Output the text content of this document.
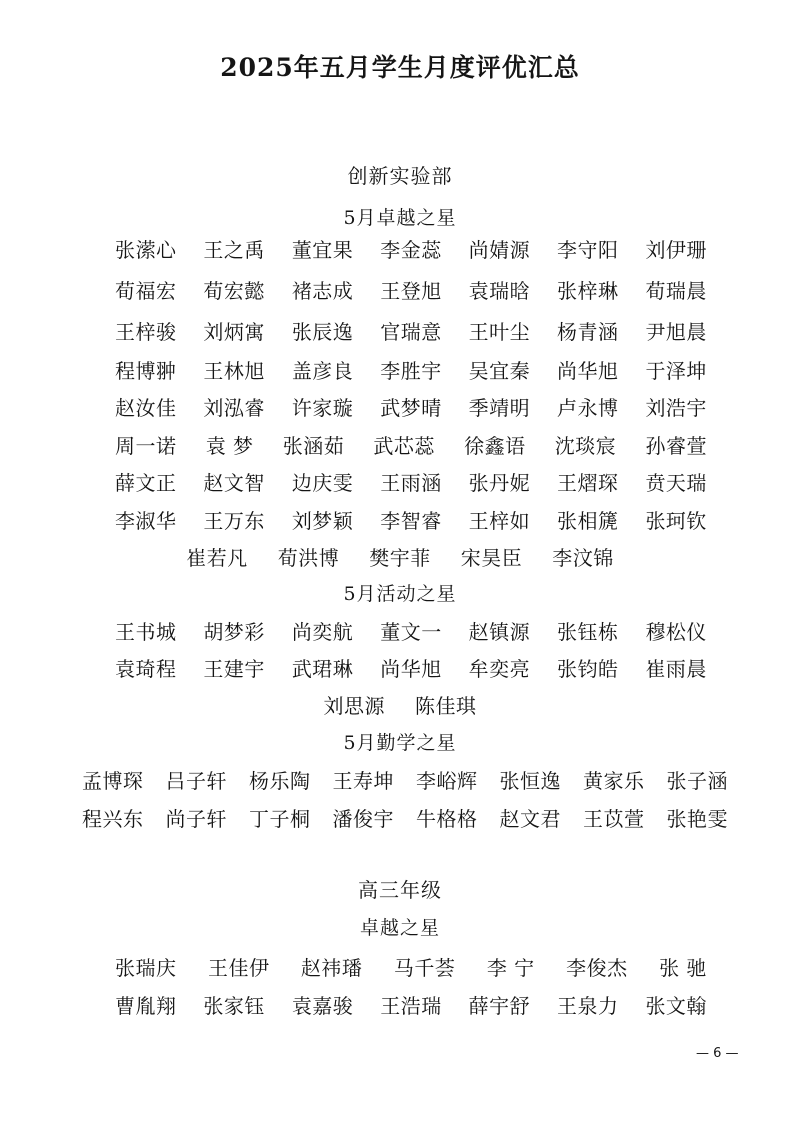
2025年五月学生月度评优汇总
创新实验部
5月卓越之星
张潆心 王之禹 董宜果 李金蕊 尚婧源 李守阳 刘伊珊
荀福宏 荀宏懿 褚志成 王登旭 袁瑞晗 张梓琳 荀瑞晨
王梓骏 刘炳寓 张辰逸 官瑞意 王叶尘 杨青涵 尹旭晨
程博翀 王林旭 盖彦良 李胜宇 吴宜秦 尚华旭 于泽坤
赵汝佳 刘泓睿 许家璇 武梦晴 季靖明 卢永博 刘浩宇
周一诺 袁 梦 张涵茹 武芯蕊 徐鑫语 沈琰宸 孙睿萱
薛文正 赵文智 边庆雯 王雨涵 张丹妮 王熠琛 贲天瑞
李淑华 王万东 刘梦颖 李智睿 王梓如 张相篪 张珂钦
崔若凡 荀洪博 樊宇菲 宋昊臣 李汶锦
5月活动之星
王书城 胡梦彩 尚奕航 董文一 赵镇源 张钰栋 穆松仪
袁琦程 王建宇 武珺琳 尚华旭 牟奕亮 张钧皓 崔雨晨
刘思源 陈佳琪
5月勤学之星
孟博琛 吕子轩 杨乐陶 王寿坤 李峪辉 张恒逸 黄家乐 张子涵
程兴东 尚子轩 丁子桐 潘俊宇 牛格格 赵文君 王苡萱 张艳雯
高三年级
卓越之星
张瑞庆 王佳伊 赵祎璠 马千荟 李 宁 李俊杰 张 驰
曹胤翔 张家钰 袁嘉骏 王浩瑞 薛宇舒 王泉力 张文翰
— 6 —
